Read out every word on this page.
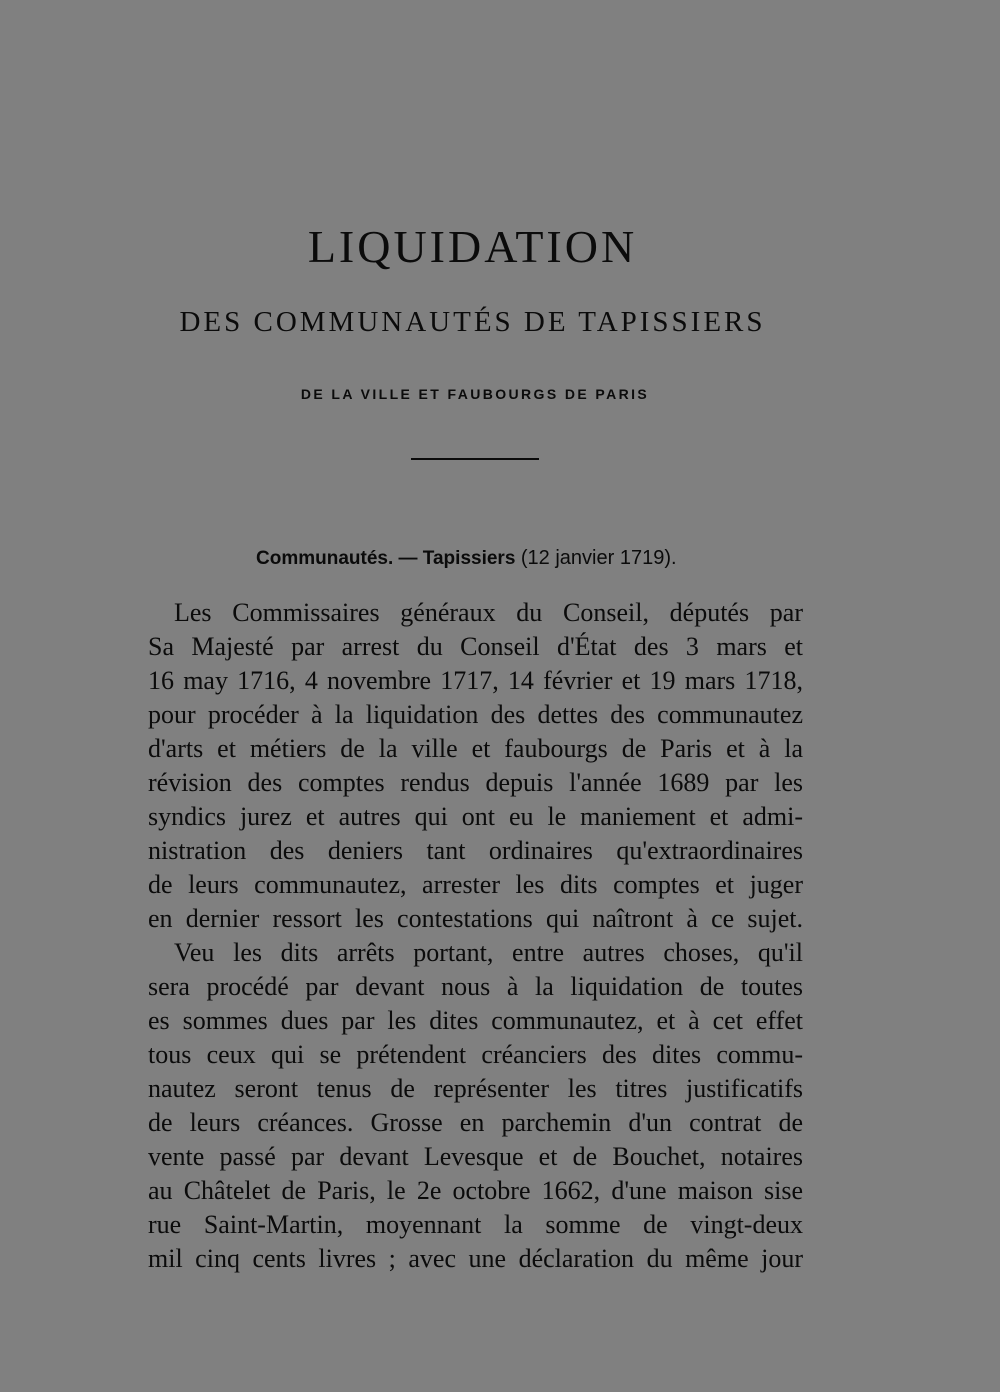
LIQUIDATION
DES COMMUNAUTÉS DE TAPISSIERS
DE LA VILLE ET FAUBOURGS DE PARIS

Communautés. — Tapissiers (12 janvier 1719).

Les Commissaires généraux du Conseil, députés par
Sa Majesté par arrest du Conseil d'État des 3 mars et
16 may 1716, 4 novembre 1717, 14 février et 19 mars 1718,
pour procéder à la liquidation des dettes des communautez
d'arts et métiers de la ville et faubourgs de Paris et à la
révision des comptes rendus depuis l'année 1689 par les
syndics jurez et autres qui ont eu le maniement et admi-
nistration des deniers tant ordinaires qu'extraordinaires
de leurs communautez, arrester les dits comptes et juger
en dernier ressort les contestations qui naîtront à ce sujet.
Veu les dits arrêts portant, entre autres choses, qu'il
sera procédé par devant nous à la liquidation de toutes
es sommes dues par les dites communautez, et à cet effet
tous ceux qui se prétendent créanciers des dites commu-
nautez seront tenus de représenter les titres justificatifs
de leurs créances. Grosse en parchemin d'un contrat de
vente passé par devant Levesque et de Bouchet, notaires
au Châtelet de Paris, le 2e octobre 1662, d'une maison sise
rue Saint-Martin, moyennant la somme de vingt-deux
mil cinq cents livres ; avec une déclaration du même jour
